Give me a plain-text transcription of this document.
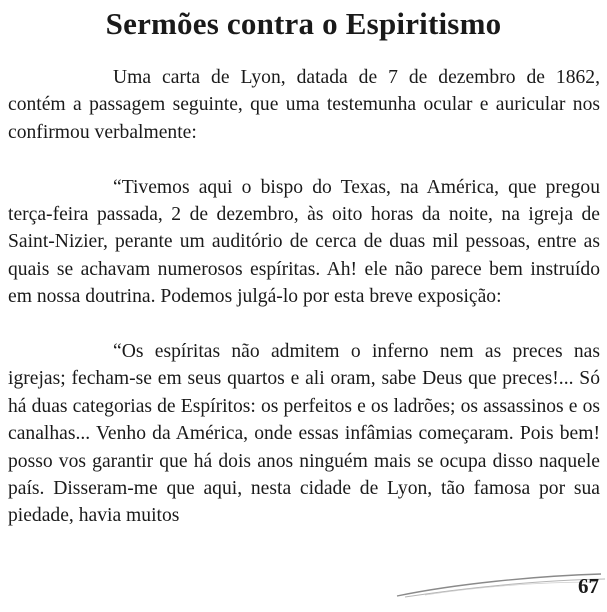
Sermões contra o Espiritismo

Uma carta de Lyon, datada de 7 de dezembro de 1862, contém a passagem seguinte, que uma testemunha ocular e auricular nos confirmou verbalmente:

“Tivemos aqui o bispo do Texas, na América, que pregou terça-feira passada, 2 de dezembro, às oito horas da noite, na igreja de Saint-Nizier, perante um auditório de cerca de duas mil pessoas, entre as quais se achavam numerosos espíritas. Ah! ele não parece bem instruído em nossa doutrina. Podemos julgá-lo por esta breve exposição:

“Os espíritas não admitem o inferno nem as preces nas igrejas; fecham-se em seus quartos e ali oram, sabe Deus que preces!... Só há duas categorias de Espíritos: os perfeitos e os ladrões; os assassinos e os canalhas... Venho da América, onde essas infâmias começaram. Pois bem! posso vos garantir que há dois anos ninguém mais se ocupa disso naquele país. Disseram-me que aqui, nesta cidade de Lyon, tão famosa por sua piedade, havia muitos

67
